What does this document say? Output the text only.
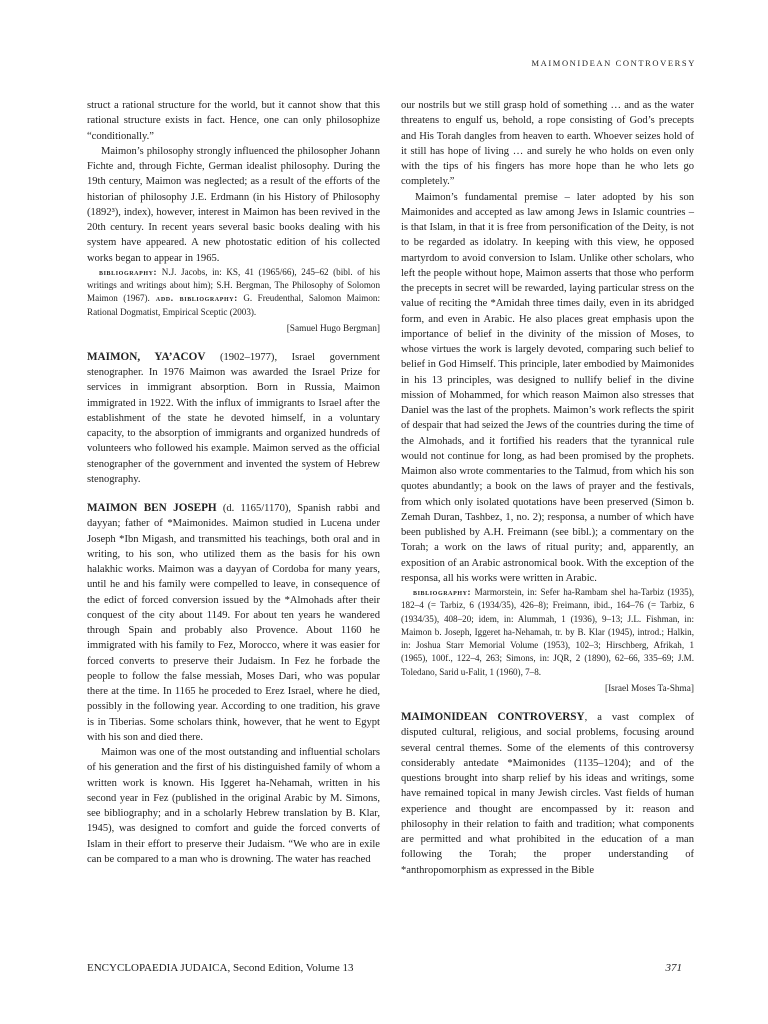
MAIMONIDEAN CONTROVERSY

struct a rational structure for the world, but it cannot show that this rational structure exists in fact. Hence, one can only philosophize “conditionally.”

Maimon’s philosophy strongly influenced the philosopher Johann Fichte and, through Fichte, German idealist philosophy. During the 19th century, Maimon was neglected; as a result of the efforts of the historian of philosophy J.E. Erdmann (in his History of Philosophy (1892³), index), however, interest in Maimon has been revived in the 20th century. In recent years several basic books dealing with his system have appeared. A new photostatic edition of his collected works began to appear in 1965.

bibliography: N.J. Jacobs, in: KS, 41 (1965/66), 245–62 (bibl. of his writings and writings about him); S.H. Bergman, The Philosophy of Solomon Maimon (1967). add. bibliography: G. Freudenthal, Salomon Maimon: Rational Dogmatist, Empirical Sceptic (2003).

[Samuel Hugo Bergman]

MAIMON, YA’ACOV (1902–1977), Israel government stenographer. In 1976 Maimon was awarded the Israel Prize for services in immigrant absorption. Born in Russia, Maimon immigrated in 1922. With the influx of immigrants to Israel after the establishment of the state he devoted himself, in a voluntary capacity, to the absorption of immigrants and organized hundreds of volunteers who followed his example. Maimon served as the official stenographer of the government and invented the system of Hebrew stenography.

MAIMON BEN JOSEPH (d. 1165/1170), Spanish rabbi and dayyan; father of *Maimonides. Maimon studied in Lucena under Joseph *Ibn Migash, and transmitted his teachings, both oral and in writing, to his son, who utilized them as the basis for his own halakhic works. Maimon was a dayyan of Cordoba for many years, until he and his family were compelled to leave, in consequence of the edict of forced conversion issued by the *Almohads after their conquest of the city about 1149. For about ten years he wandered through Spain and probably also Provence. About 1160 he immigrated with his family to Fez, Morocco, where it was easier for forced converts to preserve their Judaism. In Fez he forbade the people to follow the false messiah, Moses Dari, who was popular there at the time. In 1165 he proceded to Erez Israel, where he died, possibly in the following year. According to one tradition, his grave is in Tiberias. Some scholars think, however, that he went to Egypt with his son and died there.

Maimon was one of the most outstanding and influential scholars of his generation and the first of his distinguished family of whom a written work is known. His Iggeret ha-Nehamah, written in his second year in Fez (published in the original Arabic by M. Simons, see bibliography; and in a scholarly Hebrew translation by B. Klar, 1945), was designed to comfort and guide the forced converts of Islam in their effort to preserve their Judaism. “We who are in exile can be compared to a man who is drowning. The water has reached

our nostrils but we still grasp hold of something … and as the water threatens to engulf us, behold, a rope consisting of God’s precepts and His Torah dangles from heaven to earth. Whoever seizes hold of it still has hope of living … and surely he who holds on even only with the tips of his fingers has more hope than he who lets go completely.”

Maimon’s fundamental premise – later adopted by his son Maimonides and accepted as law among Jews in Islamic countries – is that Islam, in that it is free from personification of the Deity, is not to be regarded as idolatry. In keeping with this view, he opposed martyrdom to avoid conversion to Islam. Unlike other scholars, who left the people without hope, Maimon asserts that those who perform the precepts in secret will be rewarded, laying particular stress on the value of reciting the *Amidah three times daily, even in its abridged form, and even in Arabic. He also places great emphasis upon the importance of belief in the divinity of the mission of Moses, to whose virtues the work is largely devoted, comparing such belief to belief in God Himself. This principle, later embodied by Maimonides in his 13 principles, was designed to nullify belief in the divine mission of Mohammed, for which reason Maimon also stresses that Daniel was the last of the prophets. Maimon’s work reflects the spirit of despair that had seized the Jews of the countries during the time of the Almohads, and it fortified his readers that the tyrannical rule would not continue for long, as had been promised by the prophets. Maimon also wrote commentaries to the Talmud, from which his son quotes abundantly; a book on the laws of prayer and the festivals, from which only isolated quotations have been preserved (Simon b. Zemah Duran, Tashbez, 1, no. 2); responsa, a number of which have been published by A.H. Freimann (see bibl.); a commentary on the Torah; a work on the laws of ritual purity; and, apparently, an exposition of an Arabic astronomical book. With the exception of the responsa, all his works were written in Arabic.

bibliography: Marmorstein, in: Sefer ha-Rambam shel ha-Tarbiz (1935), 182–4 (= Tarbiz, 6 (1934/35), 426–8); Freimann, ibid., 164–76 (= Tarbiz, 6 (1934/35), 408–20; idem, in: Alummah, 1 (1936), 9–13; J.L. Fishman, in: Maimon b. Joseph, Iggeret ha-Nehamah, tr. by B. Klar (1945), introd.; Halkin, in: Joshua Starr Memorial Volume (1953), 102–3; Hirschberg, Afrikah, 1 (1965), 100f., 122–4, 263; Simons, in: JQR, 2 (1890), 62–66, 335–69; J.M. Toledano, Sarid u-Falit, 1 (1960), 7–8.

[Israel Moses Ta-Shma]

MAIMONIDEAN CONTROVERSY, a vast complex of disputed cultural, religious, and social problems, focusing around several central themes. Some of the elements of this controversy considerably antedate *Maimonides (1135–1204); and of the questions brought into sharp relief by his ideas and writings, some have remained topical in many Jewish circles. Vast fields of human experience and thought are encompassed by it: reason and philosophy in their relation to faith and tradition; what components are permitted and what prohibited in the education of a man following the Torah; the proper understanding of *anthropomorphism as expressed in the Bible

ENCYCLOPAEDIA JUDAICA, Second Edition, Volume 13	371
